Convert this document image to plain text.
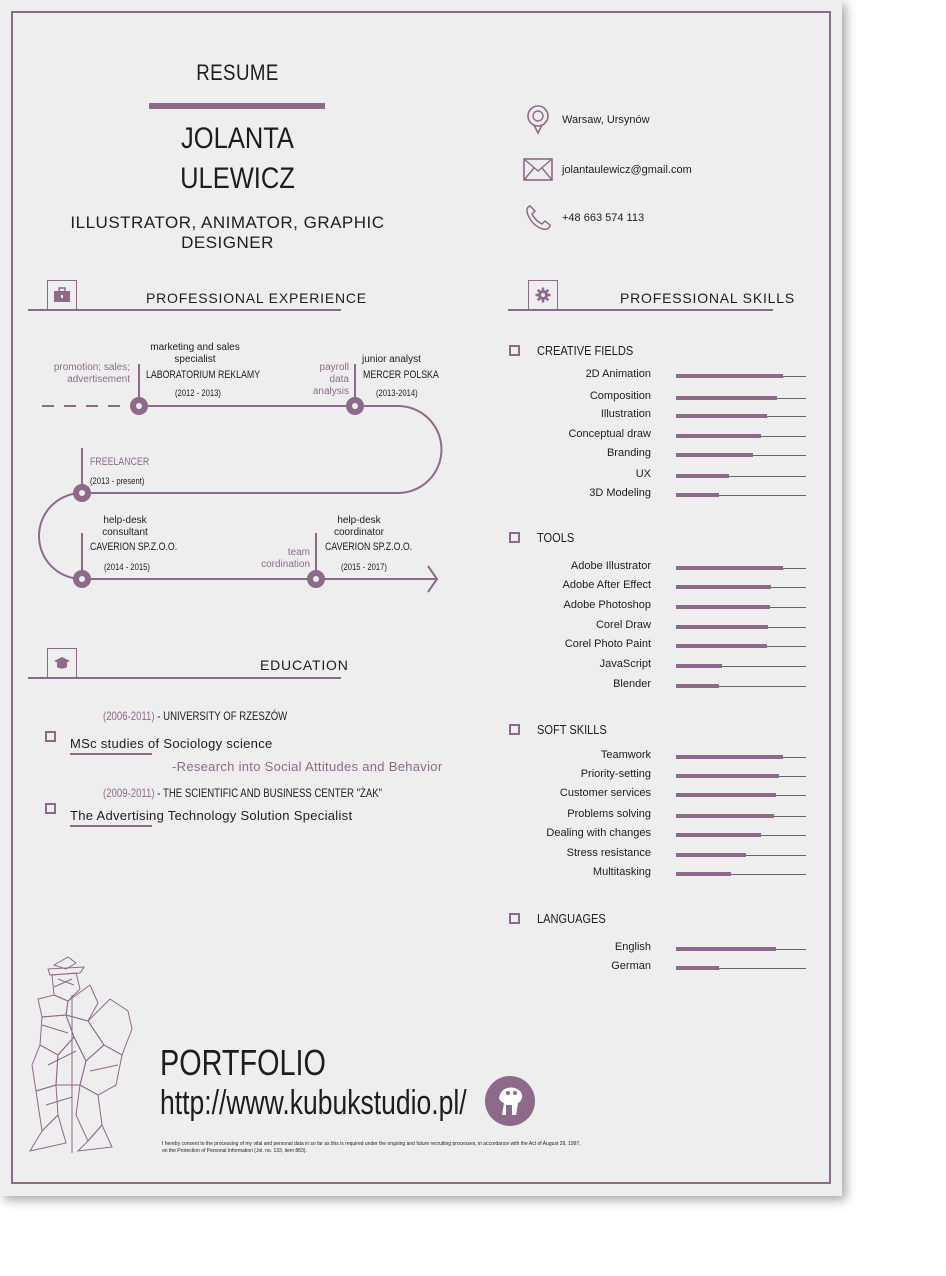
RESUME
JOLANTA
ULEWICZ
ILLUSTRATOR, ANIMATOR, GRAPHIC DESIGNER
Warsaw, Ursynów
jolantaulewicz@gmail.com
+48 663 574 113
PROFESSIONAL EXPERIENCE
promotion; sales; advertisement
marketing and sales specialist
LABORATORIUM REKLAMY
(2012 - 2013)
payroll data analysis
junior analyst
MERCER POLSKA
(2013-2014)
FREELANCER
(2013 - present)
help-desk consultant
CAVERION SP.Z.O.O.
(2014 - 2015)
team cordination
help-desk coordinator
CAVERION SP.Z.O.O.
(2015 - 2017)
EDUCATION
(2006-2011) - UNIVERSITY OF RZESZÓW
MSc studies of Sociology science
-Research into Social Attitudes and Behavior
(2009-2011) - THE SCIENTIFIC AND BUSINESS CENTER "ŻAK"
The Advertising Technology Solution Specialist
PROFESSIONAL SKILLS
CREATIVE FIELDS
2D Animation
Composition
Illustration
Conceptual draw
Branding
UX
3D Modeling
TOOLS
Adobe Illustrator
Adobe After Effect
Adobe Photoshop
Corel Draw
Corel Photo Paint
JavaScript
Blender
SOFT SKILLS
Teamwork
Priority-setting
Customer services
Problems solving
Dealing with changes
Stress resistance
Multitasking
LANGUAGES
English
German
PORTFOLIO
http://www.kubukstudio.pl/
I hereby consent to the processing of my vital and personal data in so far as this is required under the ongoing and future recruiting processes, in accordance with the Act of August 29, 1997, on the Protection of Personal Information (Jol. no. 133, item 883).
